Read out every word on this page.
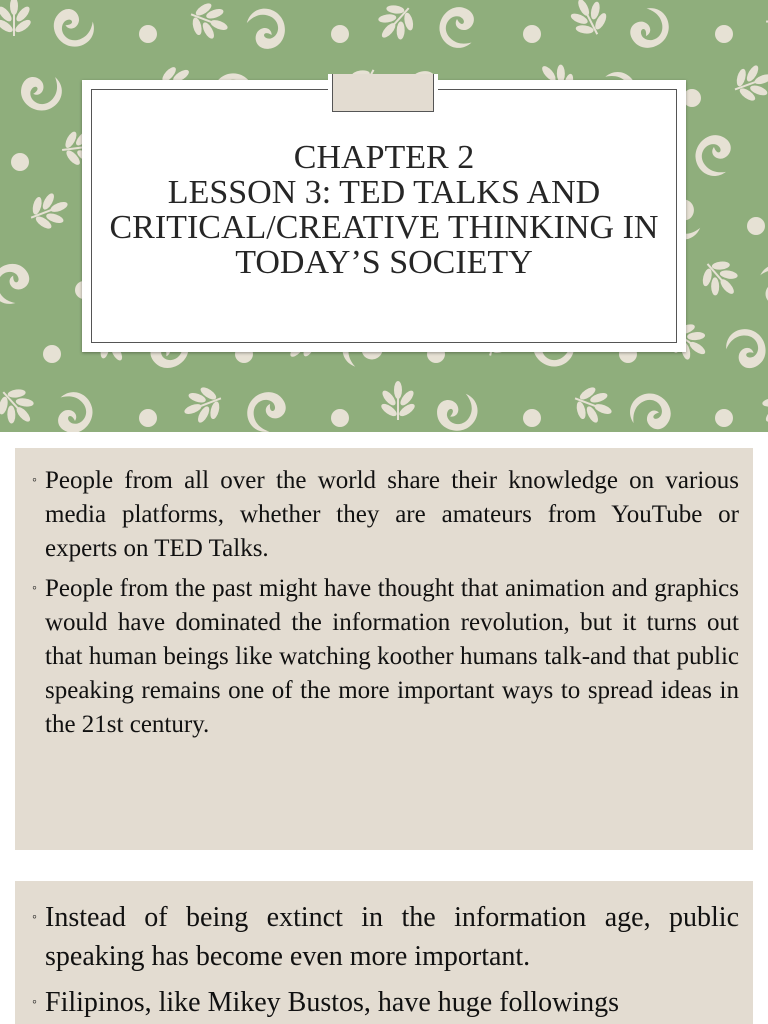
CHAPTER 2
LESSON 3: TED TALKS AND
CRITICAL/CREATIVE THINKING IN
TODAY’S SOCIETY
◦ People from all over the world share their knowledge on various media platforms, whether they are amateurs from YouTube or experts on TED Talks.
◦ People from the past might have thought that animation and graphics would have dominated the information revolution, but it turns out that human beings like watching koother humans talk-and that public speaking remains one of the more important ways to spread ideas in the 21st century.
◦ Instead of being extinct in the information age, public speaking has become even more important.
◦ Filipinos, like Mikey Bustos, have huge followings
